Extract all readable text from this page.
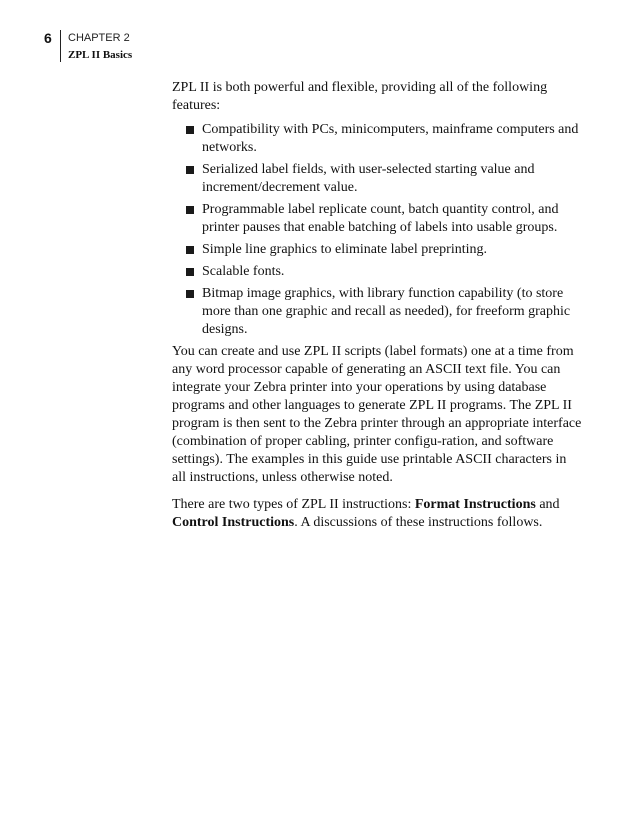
6 CHAPTER 2
ZPL II Basics

ZPL II is both powerful and flexible, providing all of the following features:

Compatibility with PCs, minicomputers, mainframe computers and networks.
Serialized label fields, with user-selected starting value and increment/decrement value.
Programmable label replicate count, batch quantity control, and printer pauses that enable batching of labels into usable groups.
Simple line graphics to eliminate label preprinting.
Scalable fonts.
Bitmap image graphics, with library function capability (to store more than one graphic and recall as needed), for freeform graphic designs.

You can create and use ZPL II scripts (label formats) one at a time from any word processor capable of generating an ASCII text file. You can integrate your Zebra printer into your operations by using database programs and other languages to generate ZPL II programs. The ZPL II program is then sent to the Zebra printer through an appropriate interface (combination of proper cabling, printer configu-ration, and software settings). The examples in this guide use printable ASCII characters in all instructions, unless otherwise noted.

There are two types of ZPL II instructions: Format Instructions and
Control Instructions. A discussions of these instructions follows.
